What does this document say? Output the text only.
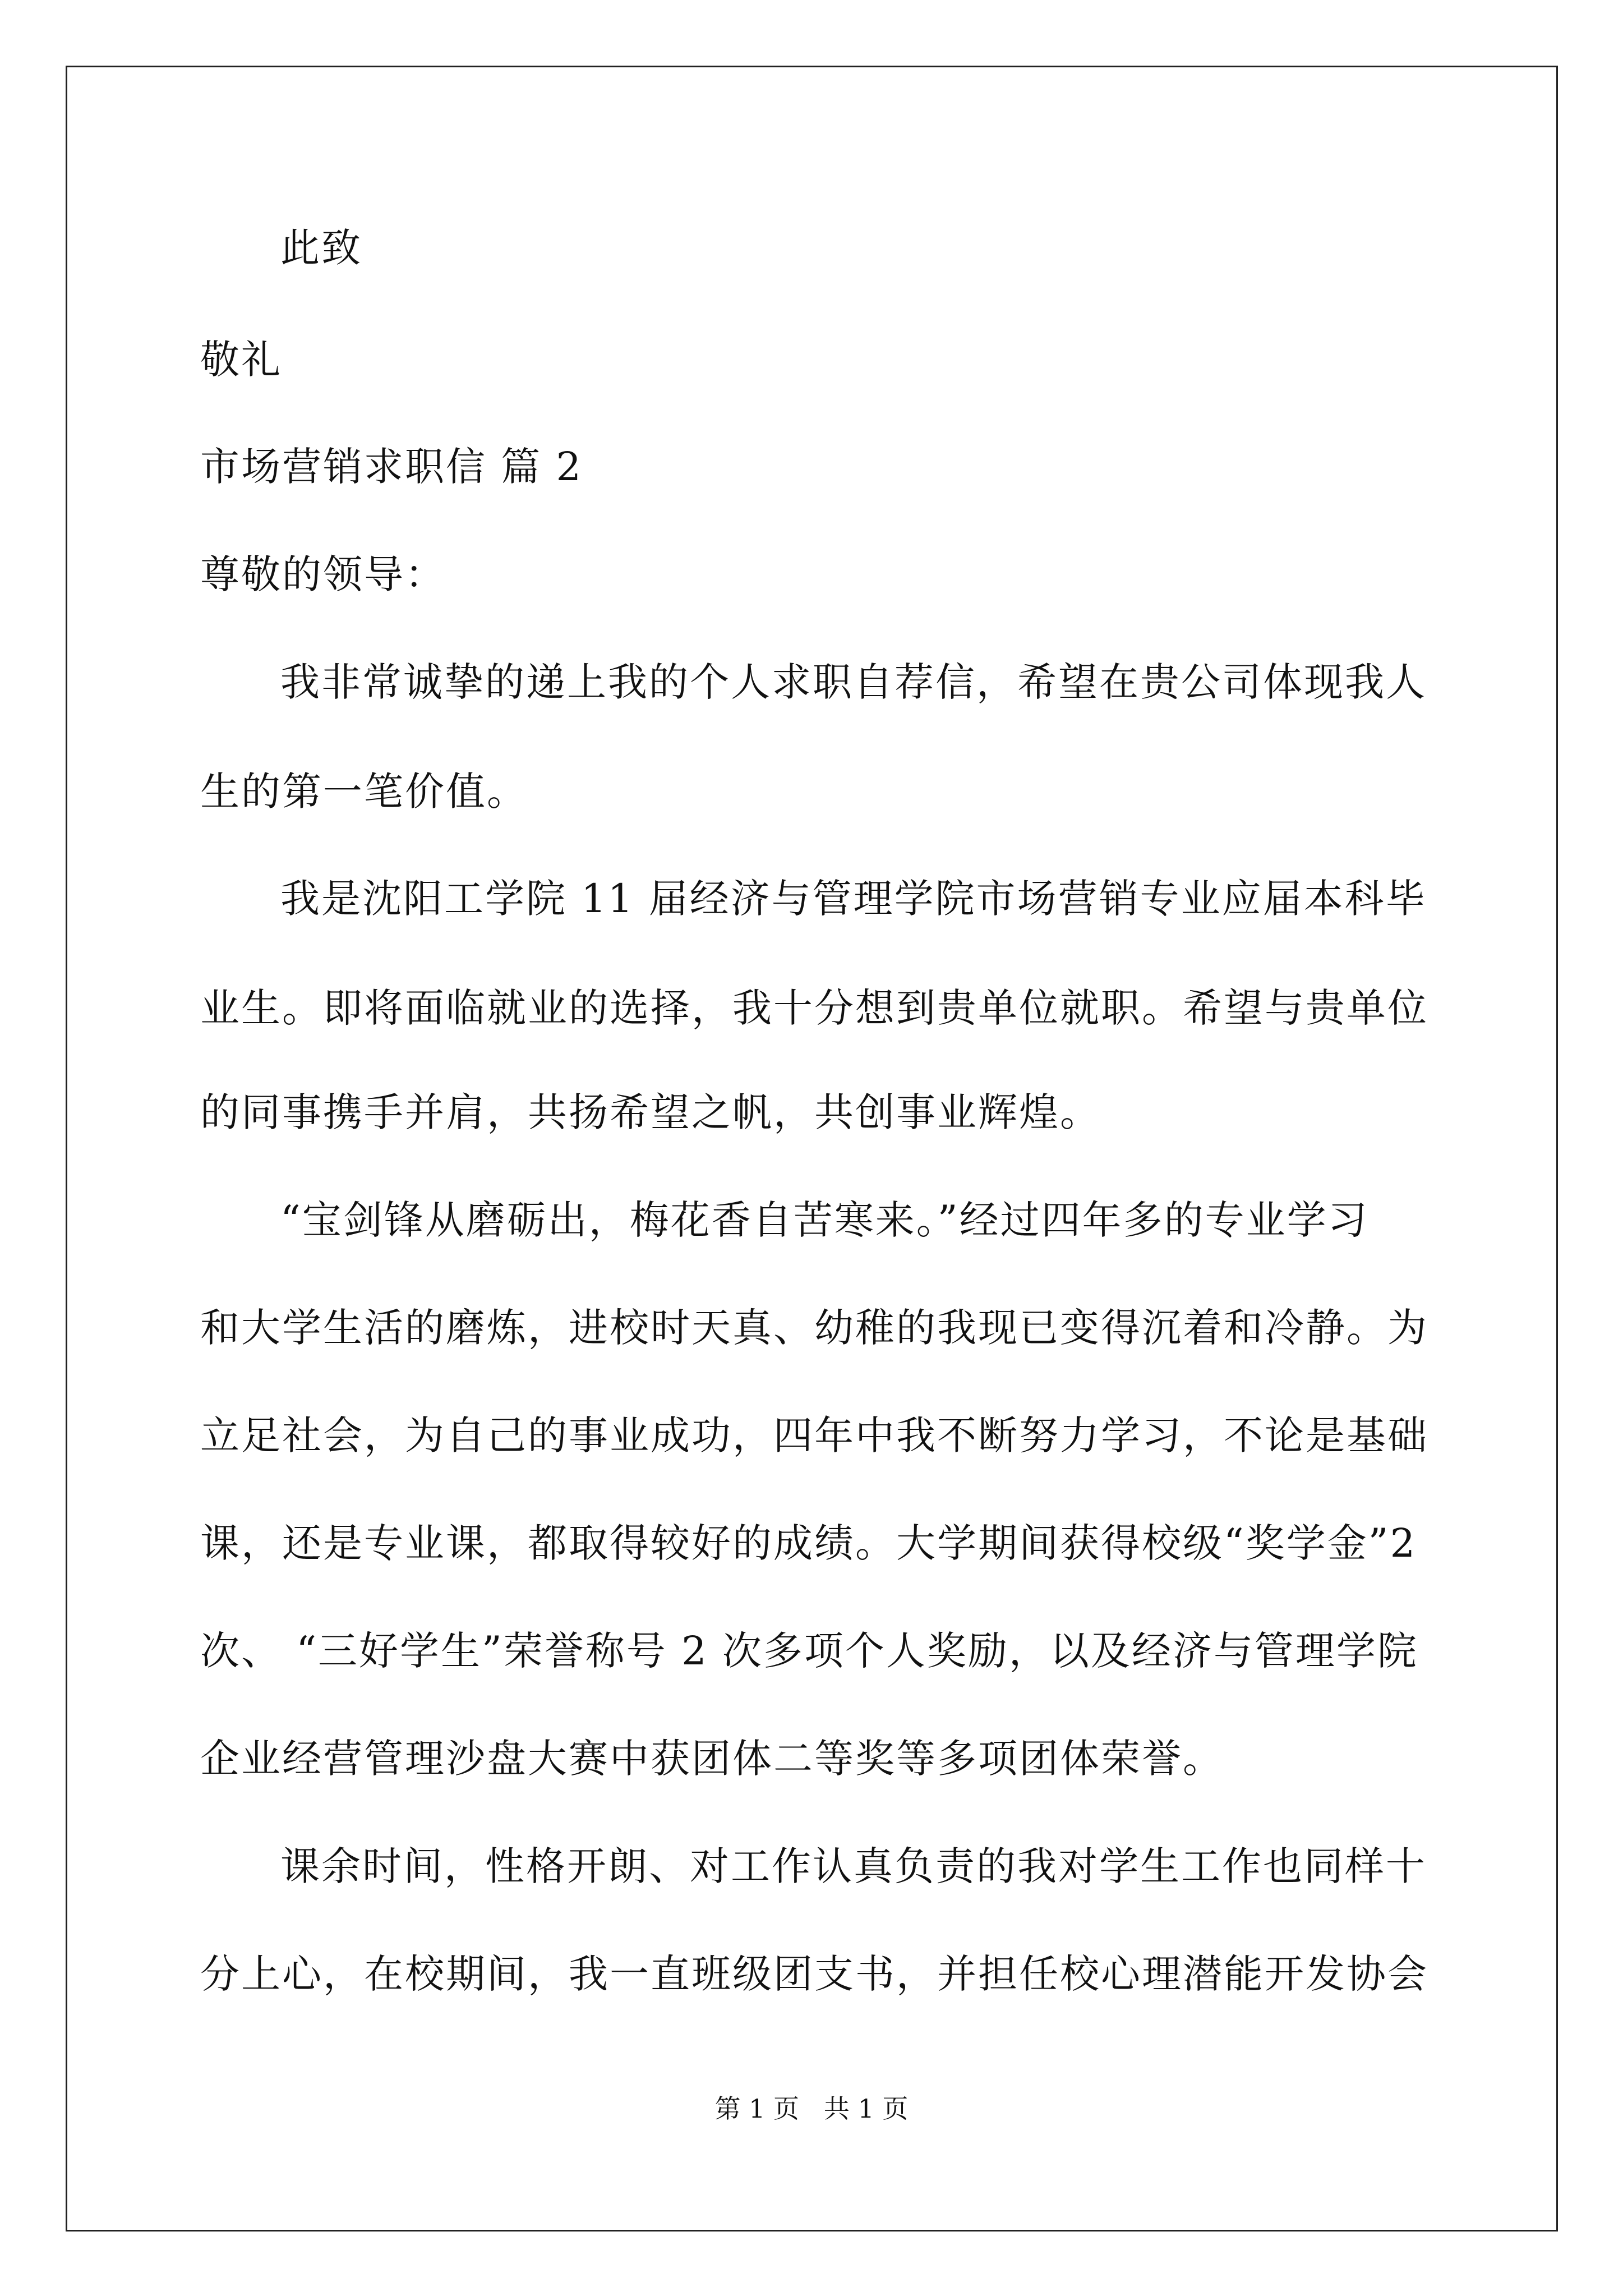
此致
敬礼
市场营销求职信 篇 2
尊敬的领导：
我非常诚挚的递上我的个人求职自荐信，希望在贵公司体现我人
生的第一笔价值。
我是沈阳工学院 11 届经济与管理学院市场营销专业应届本科毕
业生。即将面临就业的选择，我十分想到贵单位就职。希望与贵单位
的同事携手并肩，共扬希望之帆，共创事业辉煌。
“宝剑锋从磨砺出，梅花香自苦寒来。”经过四年多的专业学习
和大学生活的磨炼，进校时天真、幼稚的我现已变得沉着和冷静。为
立足社会，为自己的事业成功，四年中我不断努力学习，不论是基础
课，还是专业课，都取得较好的成绩。大学期间获得校级“奖学金”2
次、 “三好学生”荣誉称号 2 次多项个人奖励，以及经济与管理学院
企业经营管理沙盘大赛中获团体二等奖等多项团体荣誉。
课余时间，性格开朗、对工作认真负责的我对学生工作也同样十
分上心，在校期间，我一直班级团支书，并担任校心理潜能开发协会
第 1 页   共 1 页
